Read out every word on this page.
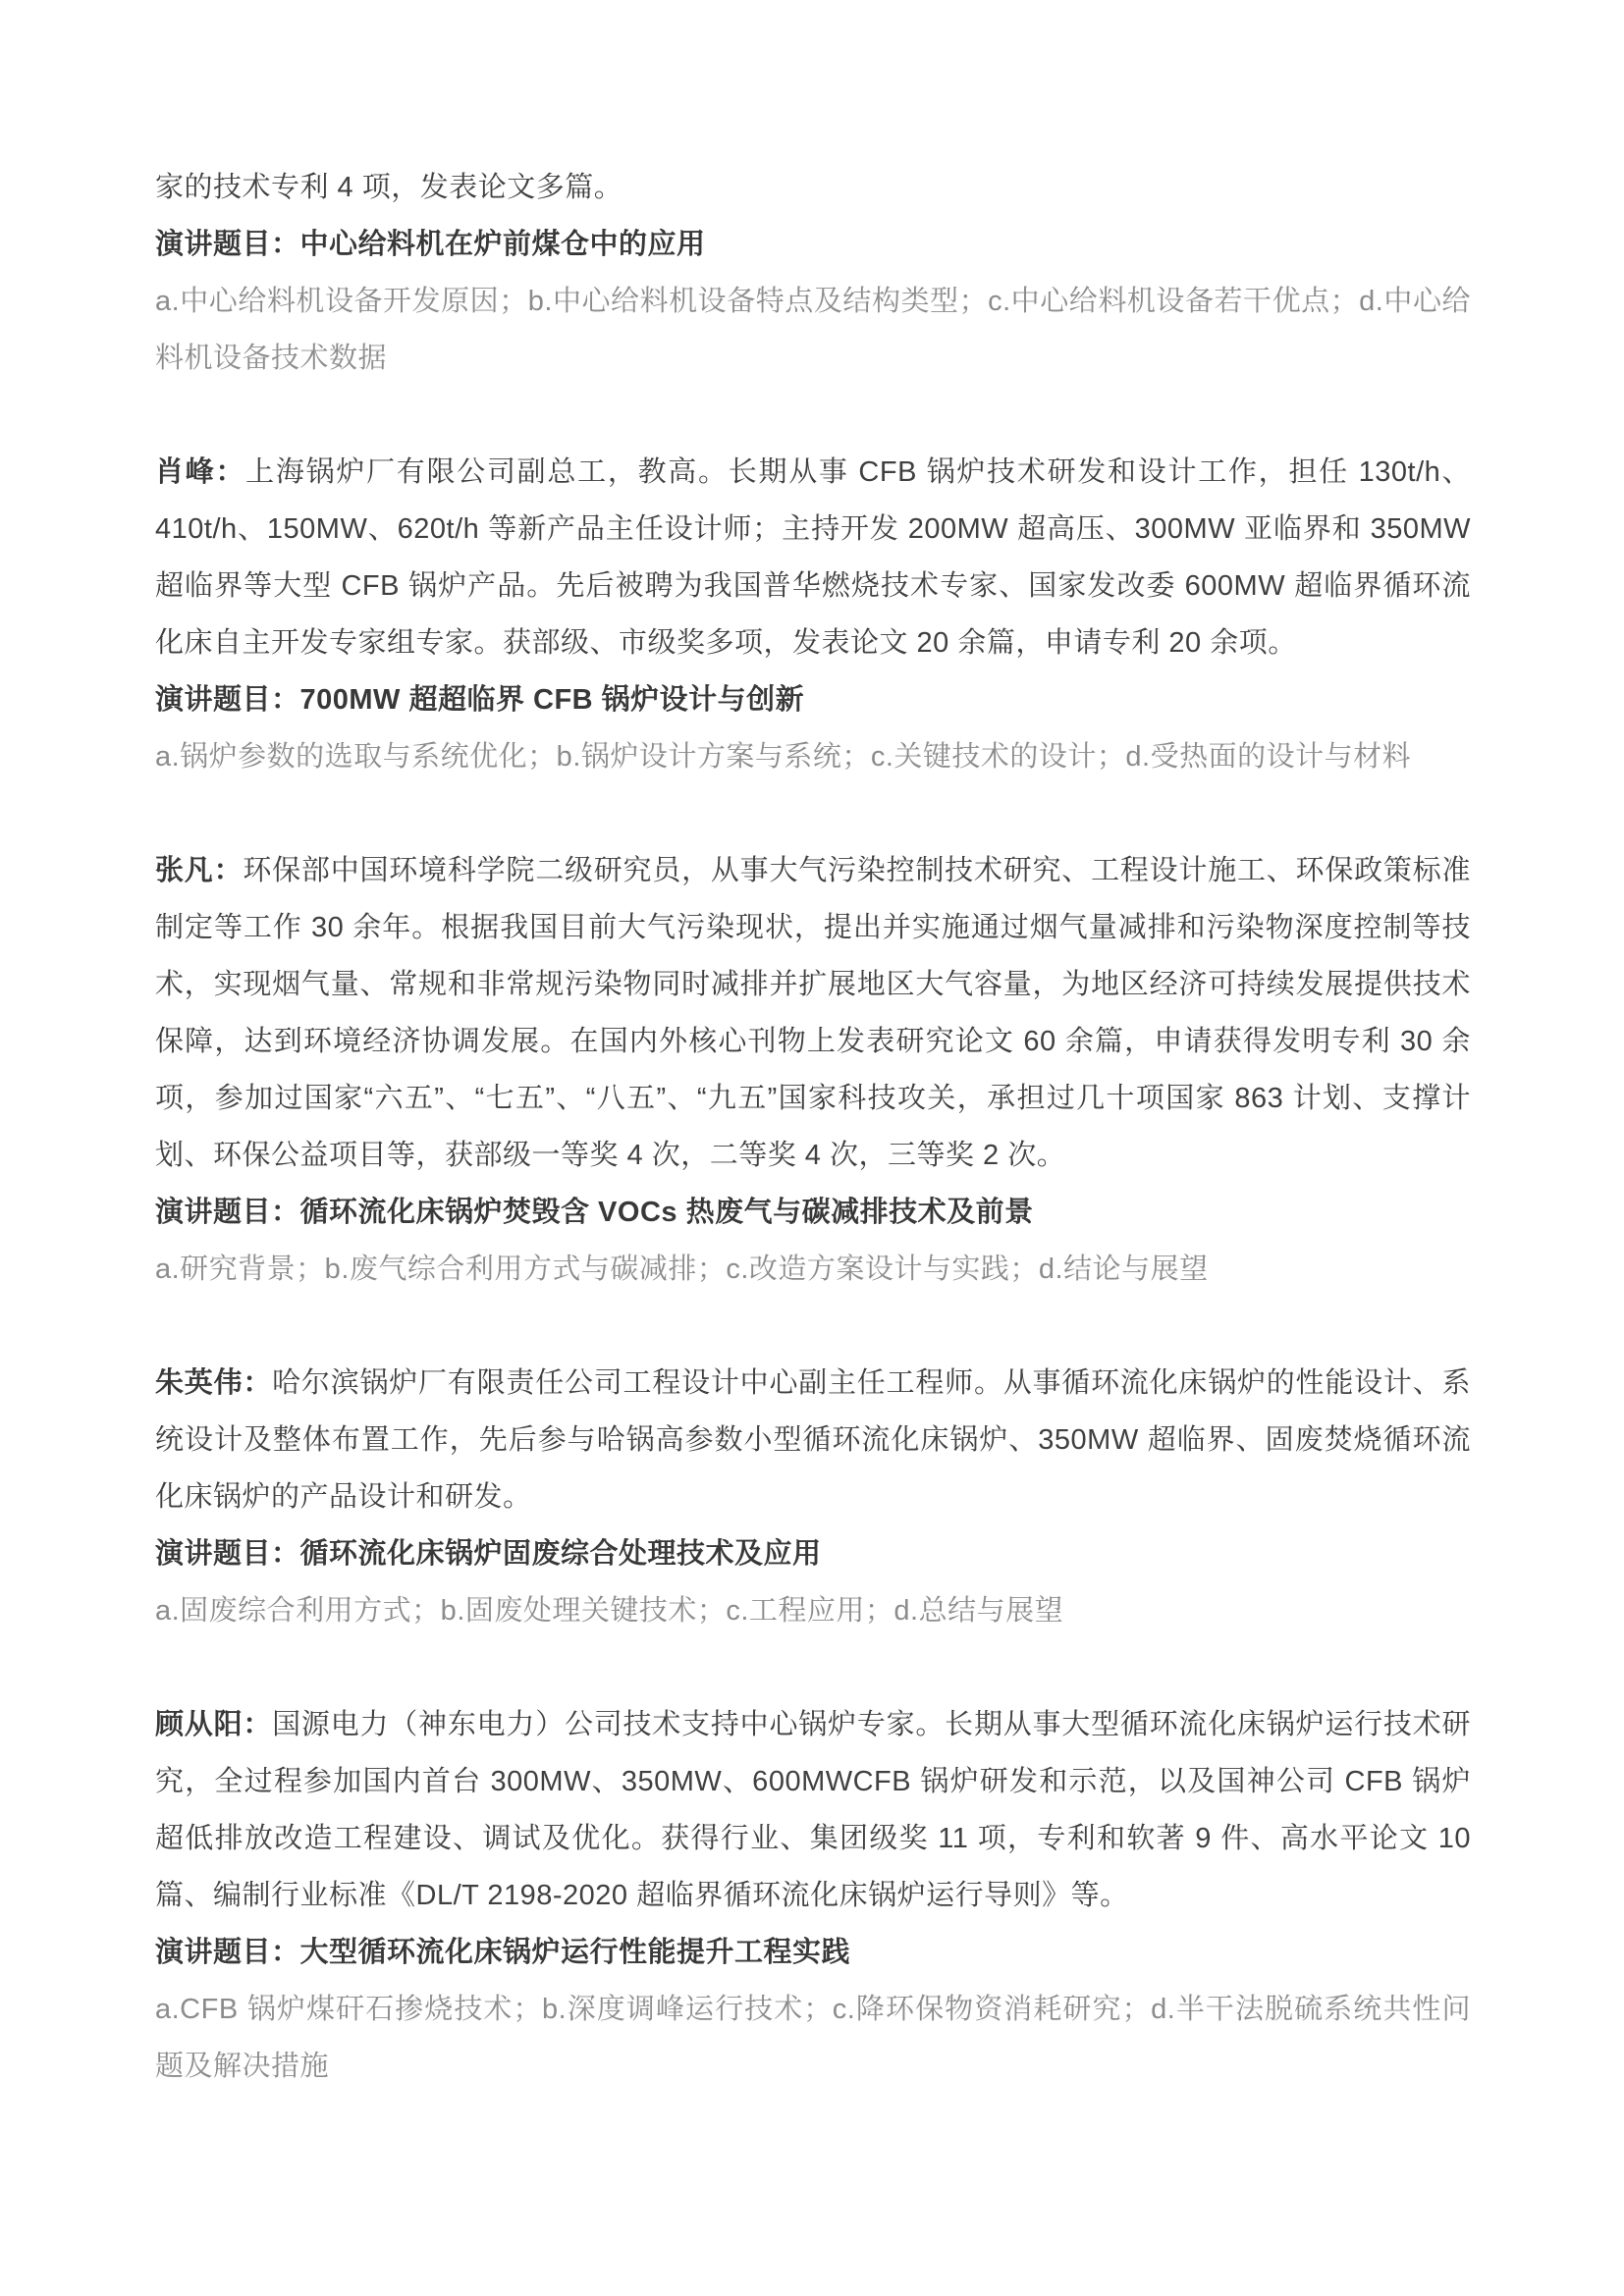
家的技术专利 4 项，发表论文多篇。

演讲题目：中心给料机在炉前煤仓中的应用

a.中心给料机设备开发原因；b.中心给料机设备特点及结构类型；c.中心给料机设备若干优点；d.中心给料机设备技术数据

肖峰：上海锅炉厂有限公司副总工，教高。长期从事 CFB 锅炉技术研发和设计工作，担任 130t/h、410t/h、150MW、620t/h 等新产品主任设计师；主持开发 200MW 超高压、300MW 亚临界和 350MW 超临界等大型 CFB 锅炉产品。先后被聘为我国普华燃烧技术专家、国家发改委 600MW 超临界循环流化床自主开发专家组专家。获部级、市级奖多项，发表论文 20 余篇，申请专利 20 余项。

演讲题目：700MW 超超临界 CFB 锅炉设计与创新

a.锅炉参数的选取与系统优化；b.锅炉设计方案与系统；c.关键技术的设计；d.受热面的设计与材料

张凡：环保部中国环境科学院二级研究员，从事大气污染控制技术研究、工程设计施工、环保政策标准制定等工作 30 余年。根据我国目前大气污染现状，提出并实施通过烟气量减排和污染物深度控制等技术，实现烟气量、常规和非常规污染物同时减排并扩展地区大气容量，为地区经济可持续发展提供技术保障，达到环境经济协调发展。在国内外核心刊物上发表研究论文 60 余篇，申请获得发明专利 30 余项，参加过国家“六五”、“七五”、“八五”、“九五”国家科技攻关，承担过几十项国家 863 计划、支撑计划、环保公益项目等，获部级一等奖 4 次，二等奖 4 次，三等奖 2 次。

演讲题目：循环流化床锅炉焚毁含 VOCs 热废气与碳减排技术及前景

a.研究背景；b.废气综合利用方式与碳减排；c.改造方案设计与实践；d.结论与展望

朱英伟：哈尔滨锅炉厂有限责任公司工程设计中心副主任工程师。从事循环流化床锅炉的性能设计、系统设计及整体布置工作，先后参与哈锅高参数小型循环流化床锅炉、350MW 超临界、固废焚烧循环流化床锅炉的产品设计和研发。

演讲题目：循环流化床锅炉固废综合处理技术及应用

a.固废综合利用方式；b.固废处理关键技术；c.工程应用；d.总结与展望

顾从阳：国源电力（神东电力）公司技术支持中心锅炉专家。长期从事大型循环流化床锅炉运行技术研究，全过程参加国内首台 300MW、350MW、600MWCFB 锅炉研发和示范，以及国神公司 CFB 锅炉超低排放改造工程建设、调试及优化。获得行业、集团级奖 11 项，专利和软著 9 件、高水平论文 10 篇、编制行业标准《DL/T 2198-2020 超临界循环流化床锅炉运行导则》等。

演讲题目：大型循环流化床锅炉运行性能提升工程实践

a.CFB 锅炉煤矸石掺烧技术；b.深度调峰运行技术；c.降环保物资消耗研究；d.半干法脱硫系统共性问题及解决措施
